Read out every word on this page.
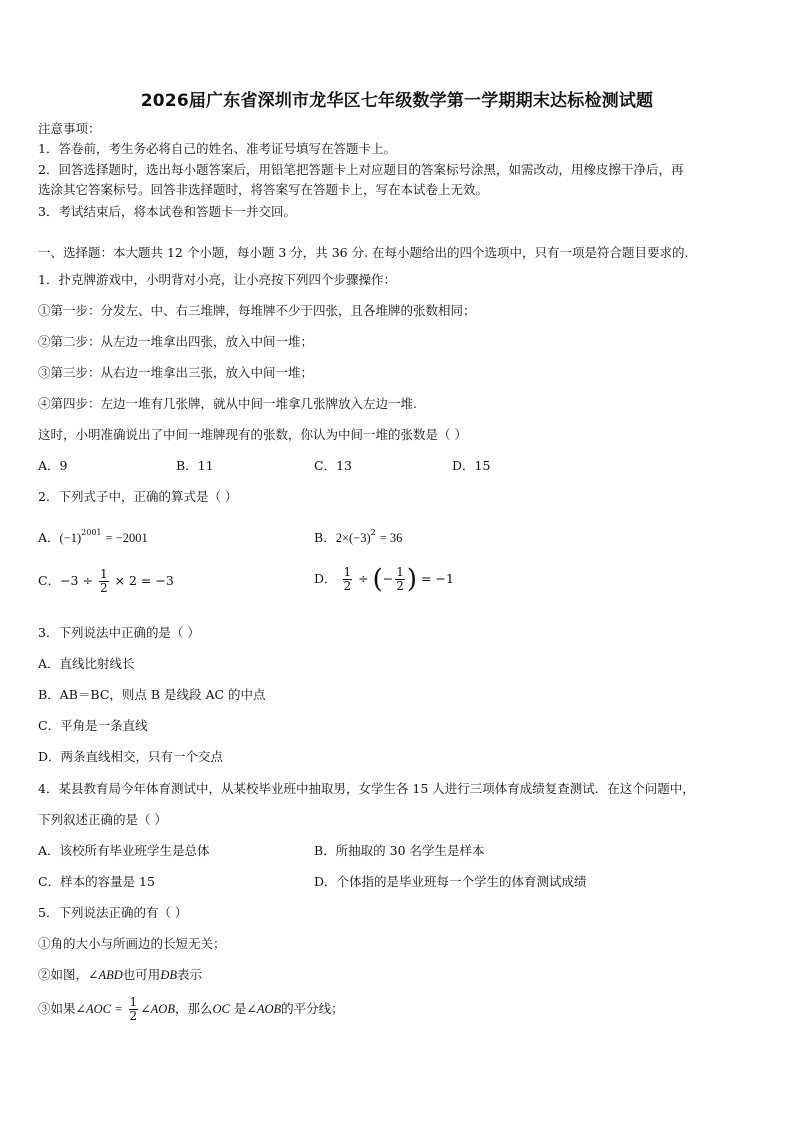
2026届广东省深圳市龙华区七年级数学第一学期期末达标检测试题
注意事项：
1．答卷前，考生务必将自己的姓名、准考证号填写在答题卡上。
2．回答选择题时，选出每小题答案后，用铅笔把答题卡上对应题目的答案标号涂黑，如需改动，用橡皮擦干净后，再
选涂其它答案标号。回答非选择题时，将答案写在答题卡上，写在本试卷上无效。
3．考试结束后，将本试卷和答题卡一并交回。
一、选择题：本大题共 12 个小题，每小题 3 分，共 36 分. 在每小题给出的四个选项中，只有一项是符合题目要求的.
1．扑克牌游戏中，小明背对小亮，让小亮按下列四个步骤操作：
①第一步：分发左、中、右三堆牌，每堆牌不少于四张，且各堆牌的张数相同；
②第二步：从左边一堆拿出四张，放入中间一堆；
③第三步：从右边一堆拿出三张，放入中间一堆；
④第四步：左边一堆有几张牌，就从中间一堆拿几张牌放入左边一堆.
这时，小明准确说出了中间一堆牌现有的张数，你认为中间一堆的张数是（ ）
A．9	B．11	C．13	D．15
2．下列式子中，正确的算式是（ ）
A．$(-1)^{2001} = -2001$	B．$2\times(-3)^2 = 36$
C．$-3 \div \frac{1}{2} \times 2 = -3$	D． $\frac{1}{2}$ ÷ (− $\frac{1}{2}$ ) = −1
3．下列说法中正确的是（ ）
A．直线比射线长
B．AB＝BC，则点 B 是线段 AC 的中点
C．平角是一条直线
D．两条直线相交，只有一个交点
4．某县教育局今年体育测试中，从某校毕业班中抽取男，女学生各 15 人进行三项体育成绩复查测试．在这个问题中，
下列叙述正确的是（ ）
A．该校所有毕业班学生是总体	B．所抽取的 30 名学生是样本
C．样本的容量是 15	D．个体指的是毕业班每一个学生的体育测试成绩
5．下列说法正确的有（ ）
①角的大小与所画边的长短无关；
②如图，∠ABD也可用ÐB表示
③如果∠AOC = $\frac{1}{2}$ ∠AOB，那么OC 是∠AOB的平分线；
